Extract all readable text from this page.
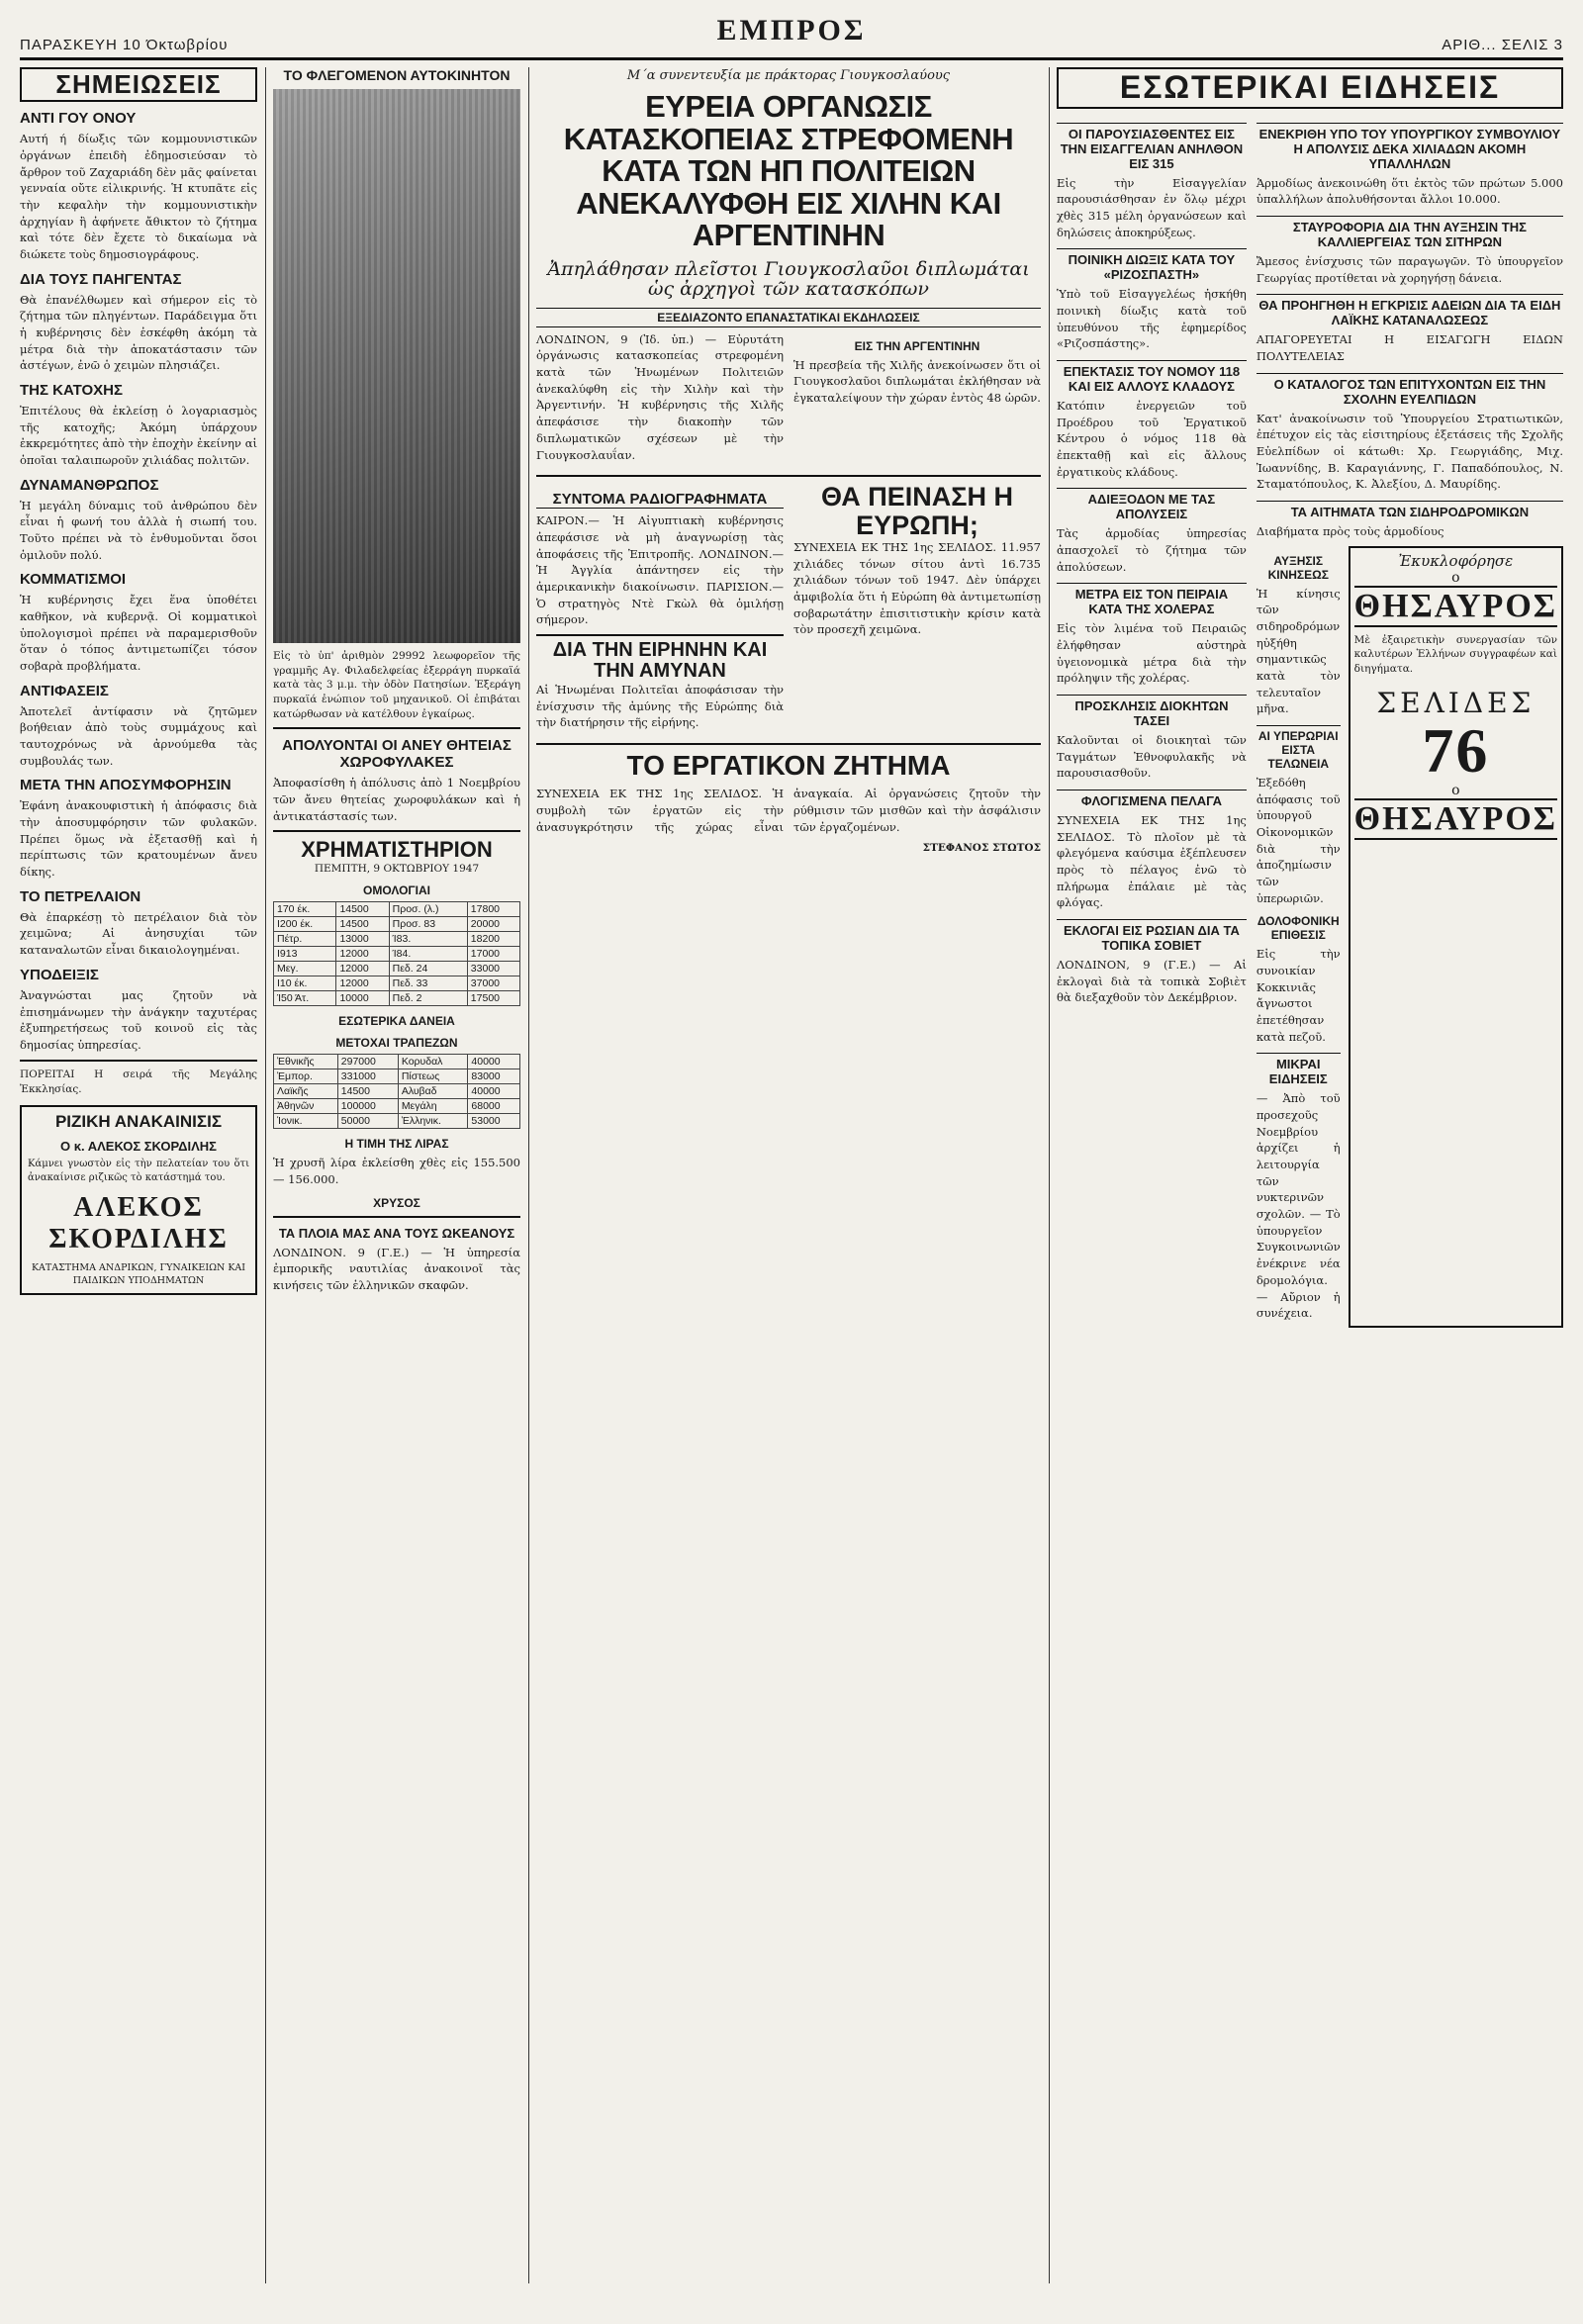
ΠΑΡΑΣΚΕΥΗ 10 Όκτωβρίου	ΕΜΠΡΟΣ	ΑΡΙΘ... ΣΕΛΙΣ 3
ΣΗΜΕΙΩΣΕΙΣ
ΑΝΤΙ ΓΟΥ ΟΝΟΥ
Αυτή ή δίωξις τῶν κομμουνιστικῶν ὀργάνων ἐπειδὴ ἐδημοσιεύσαν τὸ ἄρθρον τοῦ Ζαχαριάδη δὲν μᾶς φαίνεται γενναία οὔτε εἰλικρινής. Ἡ κτυπᾶτε εἰς τὴν κεφαλὴν τὴν κομμουνιστικὴν ἀρχηγίαν ἢ ἀφήνετε ἄθικτον τὸ ζήτημα καὶ τότε δὲν ἔχετε τὸ δικαίωμα νὰ διώκετε τοὺς δημοσιογράφους.
ΔΙΑ ΤΟΥΣ ΠΑΗΓΕΝΤΑΣ
Θὰ ἐπανέλθωμεν καὶ σήμερον εἰς τὸ ζήτημα τῶν πληγέντων. Παράδειγμα ὅτι ἡ κυβέρνησις δὲν ἐσκέφθη ἀκόμη τὰ μέτρα διὰ τὴν ἀποκατάστασιν τῶν ἀστέγων, ἐνῶ ὁ χειμὼν πλησιάζει.
ΤΗΣ ΚΑΤΟΧΗΣ
Ἐπιτέλους θὰ ἐκλείσῃ ὁ λογαριασμὸς τῆς κατοχῆς; Ἀκόμη ὑπάρχουν ἐκκρεμότητες ἀπὸ τὴν ἐποχὴν ἐκείνην αἱ ὁποῖαι ταλαιπωροῦν χιλιάδας πολιτῶν.
ΔΥΝΑΜΑΝΘΡΩΠΟΣ
Ἡ μεγάλη δύναμις τοῦ ἀνθρώπου δὲν εἶναι ἡ φωνή του ἀλλὰ ἡ σιωπή του. Τοῦτο πρέπει νὰ τὸ ἐνθυμοῦνται ὅσοι ὁμιλοῦν πολύ.
ΚΟΜΜΑΤΙΣΜΟΙ
Ἡ κυβέρνησις ἔχει ἕνα ὑποθέτει καθῆκον, νὰ κυβερνᾷ. Οἱ κομματικοὶ ὑπολογισμοὶ πρέπει νὰ παραμερισθοῦν ὅταν ὁ τόπος ἀντιμετωπίζει τόσον σοβαρὰ προβλήματα.
ΑΝΤΙΦΑΣΕΙΣ
Ἀποτελεῖ ἀντίφασιν νὰ ζητῶμεν βοήθειαν ἀπὸ τοὺς συμμάχους καὶ ταυτοχρόνως νὰ ἀρνούμεθα τὰς συμβουλάς των.
ΜΕΤΑ ΤΗΝ ΑΠΟΣΥΜΦΟΡΗΣΙΝ
Ἐφάνη ἀνακουφιστικὴ ἡ ἀπόφασις διὰ τὴν ἀποσυμφόρησιν τῶν φυλακῶν. Πρέπει ὅμως νὰ ἐξετασθῇ καὶ ἡ περίπτωσις τῶν κρατουμένων ἄνευ δίκης.
ΤΟ ΠΕΤΡΕΛΑΙΟΝ
Θὰ ἐπαρκέσῃ τὸ πετρέλαιον διὰ τὸν χειμῶνα; Αἱ ἀνησυχίαι τῶν καταναλωτῶν εἶναι δικαιολογημέναι.
ΥΠΟΔΕΙΞΙΣ
Ἀναγνώσται μας ζητοῦν νὰ ἐπισημάνωμεν τὴν ἀνάγκην ταχυτέρας ἐξυπηρετήσεως τοῦ κοινοῦ εἰς τὰς δημοσίας ὑπηρεσίας.
ΠΟΡΕΙΤΑΙ Η σειρά τῆς Μεγάλης Ἐκκλησίας.
ΡΙΖΙΚΗ ΑΝΑΚΑΙΝΙΣΙΣ
Ο κ. ΑΛΕΚΟΣ ΣΚΟΡΔΙΛΗΣ
Κάμνει γνωστὸν εἰς τὴν πελατείαν του ὅτι ἀνακαίνισε ριζικῶς τὸ κατάστημά του.
ΑΛΕΚΟΣ ΣΚΟΡΔΙΛΗΣ
ΚΑΤΑΣΤΗΜΑ ΑΝΔΡΙΚΩΝ, ΓΥΝΑΙΚΕΙΩΝ ΚΑΙ ΠΑΙΔΙΚΩΝ ΥΠΟΔΗΜΑΤΩΝ
ΤΟ ΦΛΕΓΟΜΕΝΟΝ ΑΥΤΟΚΙΝΗΤΟΝ
Εἰς τὸ ὑπ' ἀριθμὸν 29992 λεωφορεῖον τῆς γραμμῆς Αγ. Φιλαδελφείας ἐξερράγη πυρκαϊά κατὰ τὰς 3 μ.μ. τὴν ὁδὸν Πατησίων. Ἐξεράγη πυρκαϊά ἐνώπιον τοῦ μηχανικοῦ. Οἱ ἐπιβάται κατώρθωσαν νὰ κατέλθουν ἐγκαίρως.
ΑΠΟΛΥΟΝΤΑΙ ΟΙ ΑΝΕΥ ΘΗΤΕΙΑΣ ΧΩΡΟΦΥΛΑΚΕΣ
Ἀποφασίσθη ἡ ἀπόλυσις ἀπὸ 1 Νοεμβρίου τῶν ἄνευ θητείας χωροφυλάκων καὶ ἡ ἀντικατάστασίς των.
ΧΡΗΜΑΤΙΣΤΗΡΙΟΝ
ΠΕΜΠΤΗ, 9 ΟΚΤΩΒΡΙΟΥ 1947
ΟΜΟΛΟΓΙΑΙ
170 έκ.	14500	Προσ. (λ.)	17800
Ι200 έκ.	14500	Προσ. 83	20000
Πέτρ.	13000	Ί83.	18200
Ι913	12000	Ί84.	17000
Μεγ.	12000	Πεδ. 24	33000
Ι10 έκ.	12000	Πεδ. 33	37000
Ί50 Άτ.	10000	Πεδ. 2	17500
ΕΣΩΤΕΡΙΚΑ ΔΑΝΕΙΑ
ΜΕΤΟΧΑΙ ΤΡΑΠΕΖΩΝ
Ἐθνικῆς	297000	Κορυδαλ	40000
Ἐμπορ.	331000	Πίστεως	83000
Λαϊκῆς	14500	Αλυβαδ	40000
Ἀθηνῶν	100000	Μεγάλη	68000
Ἰονικ.	50000	Ἑλληνικ.	53000
Η ΤΙΜΗ ΤΗΣ ΛΙΡΑΣ
Ἡ χρυσῆ λίρα ἐκλείσθη χθὲς εἰς 155.500 — 156.000.
ΧΡΥΣΟΣ
ΤΑ ΠΛΟΙΑ ΜΑΣ ΑΝΑ ΤΟΥΣ ΩΚΕΑΝΟΥΣ
ΛΟΝΔΙΝΟΝ. 9 (Γ.Ε.) — Ἡ ὑπηρεσία ἐμπορικῆς ναυτιλίας ἀνακοινοῖ τὰς κινήσεις τῶν ἑλληνικῶν σκαφῶν.
Μ΄α συνεντευξία με πράκτορας Γιουγκοσλαύους
ΕΥΡΕΙΑ ΟΡΓΑΝΩΣΙΣ ΚΑΤΑΣΚΟΠΕΙΑΣ ΣΤΡΕΦΟΜΕΝΗ ΚΑΤΑ ΤΩΝ ΗΠ ΠΟΛΙΤΕΙΩΝ ΑΝΕΚΑΛΥΦΘΗ ΕΙΣ ΧΙΛΗΝ ΚΑΙ ΑΡΓΕΝΤΙΝΗΝ
Ἀπηλάθησαν πλεῖστοι Γιουγκοσλαῦοι διπλωμάται ὡς ἀρχηγοὶ τῶν κατασκόπων
ΕΞΕΔΙΑΖΟΝΤΟ ΕΠΑΝΑΣΤΑΤΙΚΑΙ ΕΚΔΗΛΩΣΕΙΣ
ΛΟΝΔΙΝΟΝ, 9 (Ἰδ. ὑπ.) — Εὐρυτάτη ὀργάνωσις κατασκοπείας στρεφομένη κατὰ τῶν Ἡνωμένων Πολιτειῶν ἀνεκαλύφθη εἰς τὴν Χιλὴν καὶ τὴν Ἀργεντινήν. Ἡ κυβέρνησις τῆς Χιλῆς ἀπεφάσισε τὴν διακοπὴν τῶν διπλωματικῶν σχέσεων μὲ τὴν Γιουγκοσλαυΐαν.
ΕΙΣ ΤΗΝ ΑΡΓΕΝΤΙΝΗΝ
Ἡ πρεσβεία τῆς Χιλῆς ἀνεκοίνωσεν ὅτι οἱ Γιουγκοσλαῦοι διπλωμάται ἐκλήθησαν νὰ ἐγκαταλείψουν τὴν χώραν ἐντὸς 48 ὡρῶν.
ΣΥΝΤΟΜΑ ΡΑΔΙΟΓΡΑΦΗΜΑΤΑ
ΚΑΙΡΟΝ.— Ἡ Αἰγυπτιακὴ κυβέρνησις ἀπεφάσισε νὰ μὴ ἀναγνωρίσῃ τὰς ἀποφάσεις τῆς Ἐπιτροπῆς. ΛΟΝΔΙΝΟΝ.— Ἡ Ἀγγλία ἀπάντησεν εἰς τὴν ἀμερικανικὴν διακοίνωσιν. ΠΑΡΙΣΙΟΝ.— Ὁ στρατηγὸς Ντὲ Γκὼλ θὰ ὁμιλήσῃ σήμερον.
ΔΙΑ ΤΗΝ ΕΙΡΗΝΗΝ ΚΑΙ ΤΗΝ ΑΜΥΝΑΝ
Αἱ Ἡνωμέναι Πολιτεῖαι ἀποφάσισαν τὴν ἐνίσχυσιν τῆς ἀμύνης τῆς Εὐρώπης διὰ τὴν διατήρησιν τῆς εἰρήνης.
ΘΑ ΠΕΙΝΑΣΗ Η ΕΥΡΩΠΗ;
ΣΥΝΕΧΕΙΑ ΕΚ ΤΗΣ 1ης ΣΕΛΙΔΟΣ. 11.957 χιλιάδες τόνων σίτου ἀντὶ 16.735 χιλιάδων τόνων τοῦ 1947. Δὲν ὑπάρχει ἀμφιβολία ὅτι ἡ Εὐρώπη θὰ ἀντιμετωπίσῃ σοβαρωτάτην ἐπισιτιστικὴν κρίσιν κατὰ τὸν προσεχῆ χειμῶνα.
ΤΟ ΕΡΓΑΤΙΚΟΝ ΖΗΤΗΜΑ
ΣΥΝΕΧΕΙΑ ΕΚ ΤΗΣ 1ης ΣΕΛΙΔΟΣ. Ἡ συμβολὴ τῶν ἐργατῶν εἰς τὴν ἀνασυγκρότησιν τῆς χώρας εἶναι ἀναγκαία. Αἱ ὀργανώσεις ζητοῦν τὴν ρύθμισιν τῶν μισθῶν καὶ τὴν ἀσφάλισιν τῶν ἐργαζομένων.
ΣΤΕΦΑΝΟΣ ΣΤΩΤΟΣ
ΕΣΩΤΕΡΙΚΑΙ ΕΙΔΗΣΕΙΣ
ΟΙ ΠΑΡΟΥΣΙΑΣΘΕΝΤΕΣ ΕΙΣ ΤΗΝ ΕΙΣΑΓΓΕΛΙΑΝ ΑΝΗΛΘΟΝ ΕΙΣ 315
Εἰς τὴν Εἰσαγγελίαν παρουσιάσθησαν ἐν ὅλῳ μέχρι χθὲς 315 μέλη ὀργανώσεων καὶ δηλώσεις ἀποκηρύξεως.
ΠΟΙΝΙΚΗ ΔΙΩΞΙΣ ΚΑΤΑ ΤΟΥ «ΡΙΖΟΣΠΑΣΤΗ»
Ὑπὸ τοῦ Εἰσαγγελέως ἠσκήθη ποινικὴ δίωξις κατὰ τοῦ ὑπευθύνου τῆς ἐφημερίδος «Ριζοσπάστης».
ΕΠΕΚΤΑΣΙΣ ΤΟΥ ΝΟΜΟΥ 118 ΚΑΙ ΕΙΣ ΑΛΛΟΥΣ ΚΛΑΔΟΥΣ
Κατόπιν ἐνεργειῶν τοῦ Προέδρου τοῦ Ἐργατικοῦ Κέντρου ὁ νόμος 118 θὰ ἐπεκταθῇ καὶ εἰς ἄλλους ἐργατικοὺς κλάδους.
ΑΔΙΕΞΟΔΟΝ ΜΕ ΤΑΣ ΑΠΟΛΥΣΕΙΣ
Τὰς ἀρμοδίας ὑπηρεσίας ἀπασχολεῖ τὸ ζήτημα τῶν ἀπολύσεων.
ΜΕΤΡΑ ΕΙΣ ΤΟΝ ΠΕΙΡΑΙΑ ΚΑΤΑ ΤΗΣ ΧΟΛΕΡΑΣ
Εἰς τὸν λιμένα τοῦ Πειραιῶς ἐλήφθησαν αὐστηρὰ ὑγειονομικὰ μέτρα διὰ τὴν πρόληψιν τῆς χολέρας.
ΠΡΟΣΚΛΗΣΙΣ ΔΙΟΚΗΤΩΝ ΤΑΣΕΙ
Καλοῦνται οἱ διοικηταὶ τῶν Ταγμάτων Ἐθνοφυλακῆς νὰ παρουσιασθοῦν.
ΦΛΟΓΙΣΜΕΝΑ ΠΕΛΑΓΑ
ΣΥΝΕΧΕΙΑ ΕΚ ΤΗΣ 1ης ΣΕΛΙΔΟΣ. Τὸ πλοῖον μὲ τὰ φλεγόμενα καύσιμα ἐξέπλευσεν πρὸς τὸ πέλαγος ἐνῶ τὸ πλήρωμα ἐπάλαιε μὲ τὰς φλόγας.
ΕΚΛΟΓΑΙ ΕΙΣ ΡΩΣΙΑΝ ΔΙΑ ΤΑ ΤΟΠΙΚΑ ΣΟΒΙΕΤ
ΛΟΝΔΙΝΟΝ, 9 (Γ.Ε.) — Αἱ ἐκλογαὶ διὰ τὰ τοπικὰ Σοβιὲτ θὰ διεξαχθοῦν τὸν Δεκέμβριον.
ΕΝΕΚΡΙΘΗ ΥΠΟ ΤΟΥ ΥΠΟΥΡΓΙΚΟΥ ΣΥΜΒΟΥΛΙΟΥ Η ΑΠΟΛΥΣΙΣ ΔΕΚΑ ΧΙΛΙΑΔΩΝ ΑΚΟΜΗ ΥΠΑΛΛΗΛΩΝ
Ἁρμοδίως ἀνεκοινώθη ὅτι ἐκτὸς τῶν πρώτων 5.000 ὑπαλλήλων ἀπολυθήσονται ἄλλοι 10.000.
ΣΤΑΥΡΟΦΟΡΙΑ ΔΙΑ ΤΗΝ ΑΥΞΗΣΙΝ ΤΗΣ ΚΑΛΛΙΕΡΓΕΙΑΣ ΤΩΝ ΣΙΤΗΡΩΝ
Ἄμεσος ἐνίσχυσις τῶν παραγωγῶν. Τὸ ὑπουργεῖον Γεωργίας προτίθεται νὰ χορηγήσῃ δάνεια.
ΘΑ ΠΡΟΗΓΗΘΗ Η ΕΓΚΡΙΣΙΣ ΑΔΕΙΩΝ ΔΙΑ ΤΑ ΕΙΔΗ ΛΑΪΚΗΣ ΚΑΤΑΝΑΛΩΣΕΩΣ
ΑΠΑΓΟΡΕΥΕΤΑΙ Η ΕΙΣΑΓΩΓΗ ΕΙΔΩΝ ΠΟΛΥΤΕΛΕΙΑΣ
Ο ΚΑΤΑΛΟΓΟΣ ΤΩΝ ΕΠΙΤΥΧΟΝΤΩΝ ΕΙΣ ΤΗΝ ΣΧΟΛΗΝ ΕΥΕΛΠΙΔΩΝ
Κατ' ἀνακοίνωσιν τοῦ Ὑπουργείου Στρατιωτικῶν, ἐπέτυχον εἰς τὰς εἰσιτηρίους ἐξετάσεις τῆς Σχολῆς Εὐελπίδων οἱ κάτωθι: Χρ. Γεωργιάδης, Μιχ. Ἰωαννίδης, Β. Καραγιάννης, Γ. Παπαδόπουλος, Ν. Σταματόπουλος, Κ. Ἀλεξίου, Δ. Μαυρίδης.
ΤΑ ΑΙΤΗΜΑΤΑ ΤΩΝ ΣΙΔΗΡΟΔΡΟΜΙΚΩΝ
Διαβήματα πρὸς τοὺς ἁρμοδίους
ΑΥΞΗΣΙΣ ΚΙΝΗΣΕΩΣ
Ἡ κίνησις τῶν σιδηροδρόμων ηὐξήθη σημαντικῶς κατὰ τὸν τελευταῖον μῆνα.
ΑΙ ΥΠΕΡΩΡΙΑΙ ΕΙΣΤΑ ΤΕΛΩΝΕΙΑ
Ἐξεδόθη ἀπόφασις τοῦ ὑπουργοῦ Οἰκονομικῶν διὰ τὴν ἀποζημίωσιν τῶν ὑπερωριῶν.
ΔΟΛΟΦΟΝΙΚΗ ΕΠΙΘΕΣΙΣ
Εἰς τὴν συνοικίαν Κοκκινιᾶς ἄγνωστοι ἐπετέθησαν κατὰ πεζοῦ.
ΜΙΚΡΑΙ ΕΙΔΗΣΕΙΣ
— Ἀπὸ τοῦ προσεχοῦς Νοεμβρίου ἀρχίζει ἡ λειτουργία τῶν νυκτερινῶν σχολῶν. — Τὸ ὑπουργεῖον Συγκοινωνιῶν ἐνέκρινε νέα δρομολόγια. — Αὔριον ἡ συνέχεια.
Ἐκυκλοφόρησε
ο
ΘΗΣΑΥΡΟΣ
Μὲ ἐξαιρετικὴν συνεργασίαν τῶν καλυτέρων Ἑλλήνων συγγραφέων καὶ διηγήματα.
ΣΕΛΙΔΕΣ
76
ο
ΘΗΣΑΥΡΟΣ
